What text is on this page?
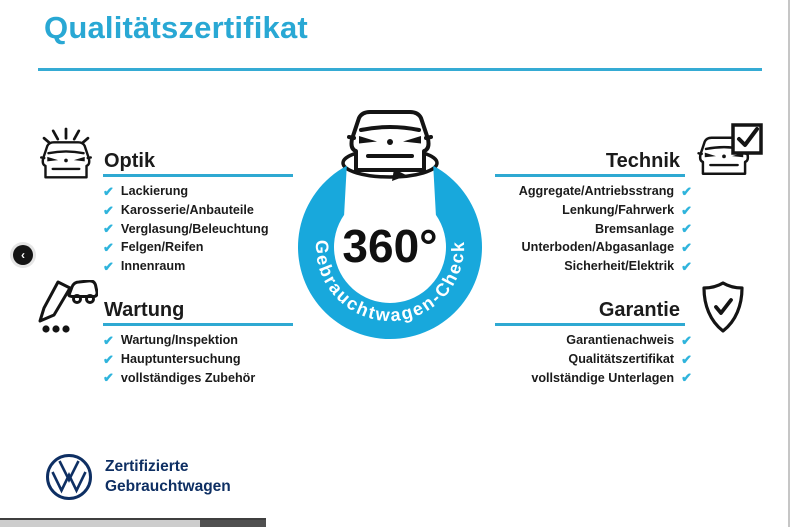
Qualitätszertifikat
‹
Optik
✔ Lackierung
✔ Karosserie/Anbauteile
✔ Verglasung/Beleuchtung
✔ Felgen/Reifen
✔ Innenraum
Technik
Aggregate/Antriebsstrang ✔
Lenkung/Fahrwerk ✔
Bremsanlage ✔
Unterboden/Abgasanlage ✔
Sicherheit/Elektrik ✔
Wartung
✔ Wartung/Inspektion
✔ Hauptuntersuchung
✔ vollständiges Zubehör
Garantie
Garantienachweis ✔
Qualitätszertifikat ✔
vollständige Unterlagen ✔
Gebrauchtwagen-Check
360°
Zertifizierte
Gebrauchtwagen
